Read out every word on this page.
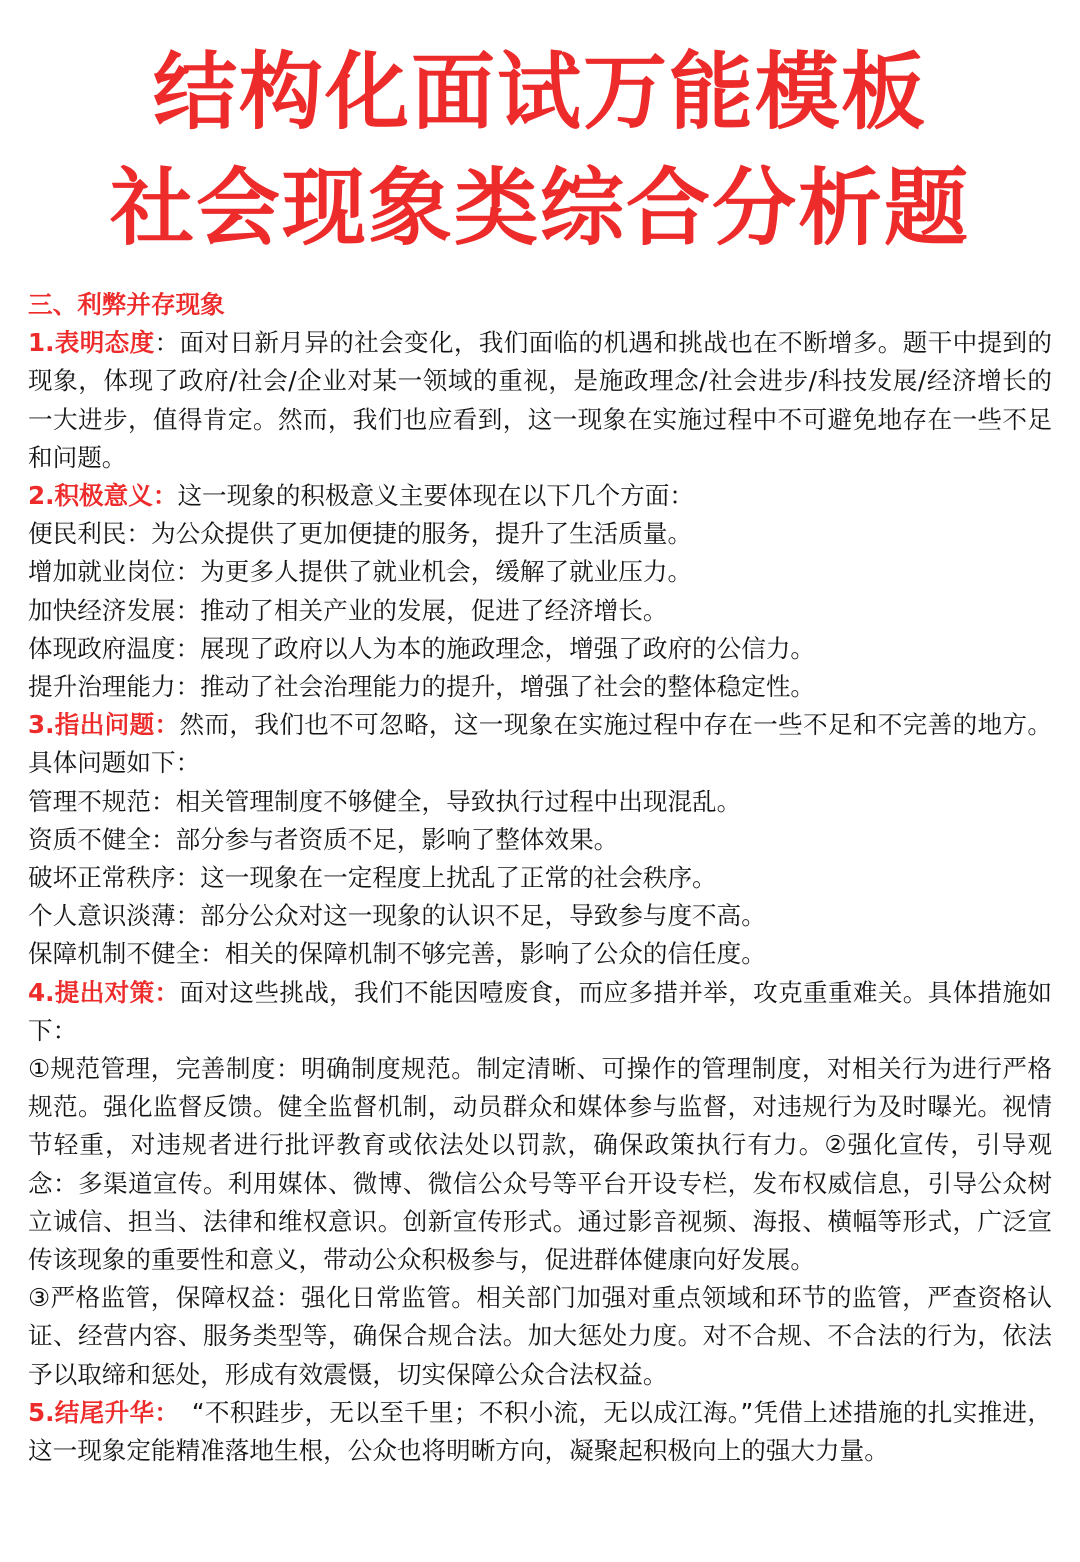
结构化面试万能模板
社会现象类综合分析题

三、利弊并存现象

1.表明态度：面对日新月异的社会变化，我们面临的机遇和挑战也在不断增多。题干中提到的现象，体现了政府/社会/企业对某一领域的重视，是施政理念/社会进步/科技发展/经济增长的一大进步，值得肯定。然而，我们也应看到，这一现象在实施过程中不可避免地存在一些不足和问题。

2.积极意义：这一现象的积极意义主要体现在以下几个方面：

便民利民：为公众提供了更加便捷的服务，提升了生活质量。

增加就业岗位：为更多人提供了就业机会，缓解了就业压力。

加快经济发展：推动了相关产业的发展，促进了经济增长。

体现政府温度：展现了政府以人为本的施政理念，增强了政府的公信力。

提升治理能力：推动了社会治理能力的提升，增强了社会的整体稳定性。

3.指出问题：然而，我们也不可忽略，这一现象在实施过程中存在一些不足和不完善的地方。具体问题如下：

管理不规范：相关管理制度不够健全，导致执行过程中出现混乱。

资质不健全：部分参与者资质不足，影响了整体效果。

破坏正常秩序：这一现象在一定程度上扰乱了正常的社会秩序。

个人意识淡薄：部分公众对这一现象的认识不足，导致参与度不高。

保障机制不健全：相关的保障机制不够完善，影响了公众的信任度。

4.提出对策：面对这些挑战，我们不能因噎废食，而应多措并举，攻克重重难关。具体措施如下：

①规范管理，完善制度：明确制度规范。制定清晰、可操作的管理制度，对相关行为进行严格规范。强化监督反馈。健全监督机制，动员群众和媒体参与监督，对违规行为及时曝光。视情节轻重，对违规者进行批评教育或依法处以罚款，确保政策执行有力。②强化宣传，引导观念：多渠道宣传。利用媒体、微博、微信公众号等平台开设专栏，发布权威信息，引导公众树立诚信、担当、法律和维权意识。创新宣传形式。通过影音视频、海报、横幅等形式，广泛宣传该现象的重要性和意义，带动公众积极参与，促进群体健康向好发展。

③严格监管，保障权益：强化日常监管。相关部门加强对重点领域和环节的监管，严查资格认证、经营内容、服务类型等，确保合规合法。加大惩处力度。对不合规、不合法的行为，依法予以取缔和惩处，形成有效震慑，切实保障公众合法权益。

5.结尾升华：　“不积跬步，无以至千里；不积小流，无以成江海。”凭借上述措施的扎实推进，这一现象定能精准落地生根，公众也将明晰方向，凝聚起积极向上的强大力量。
